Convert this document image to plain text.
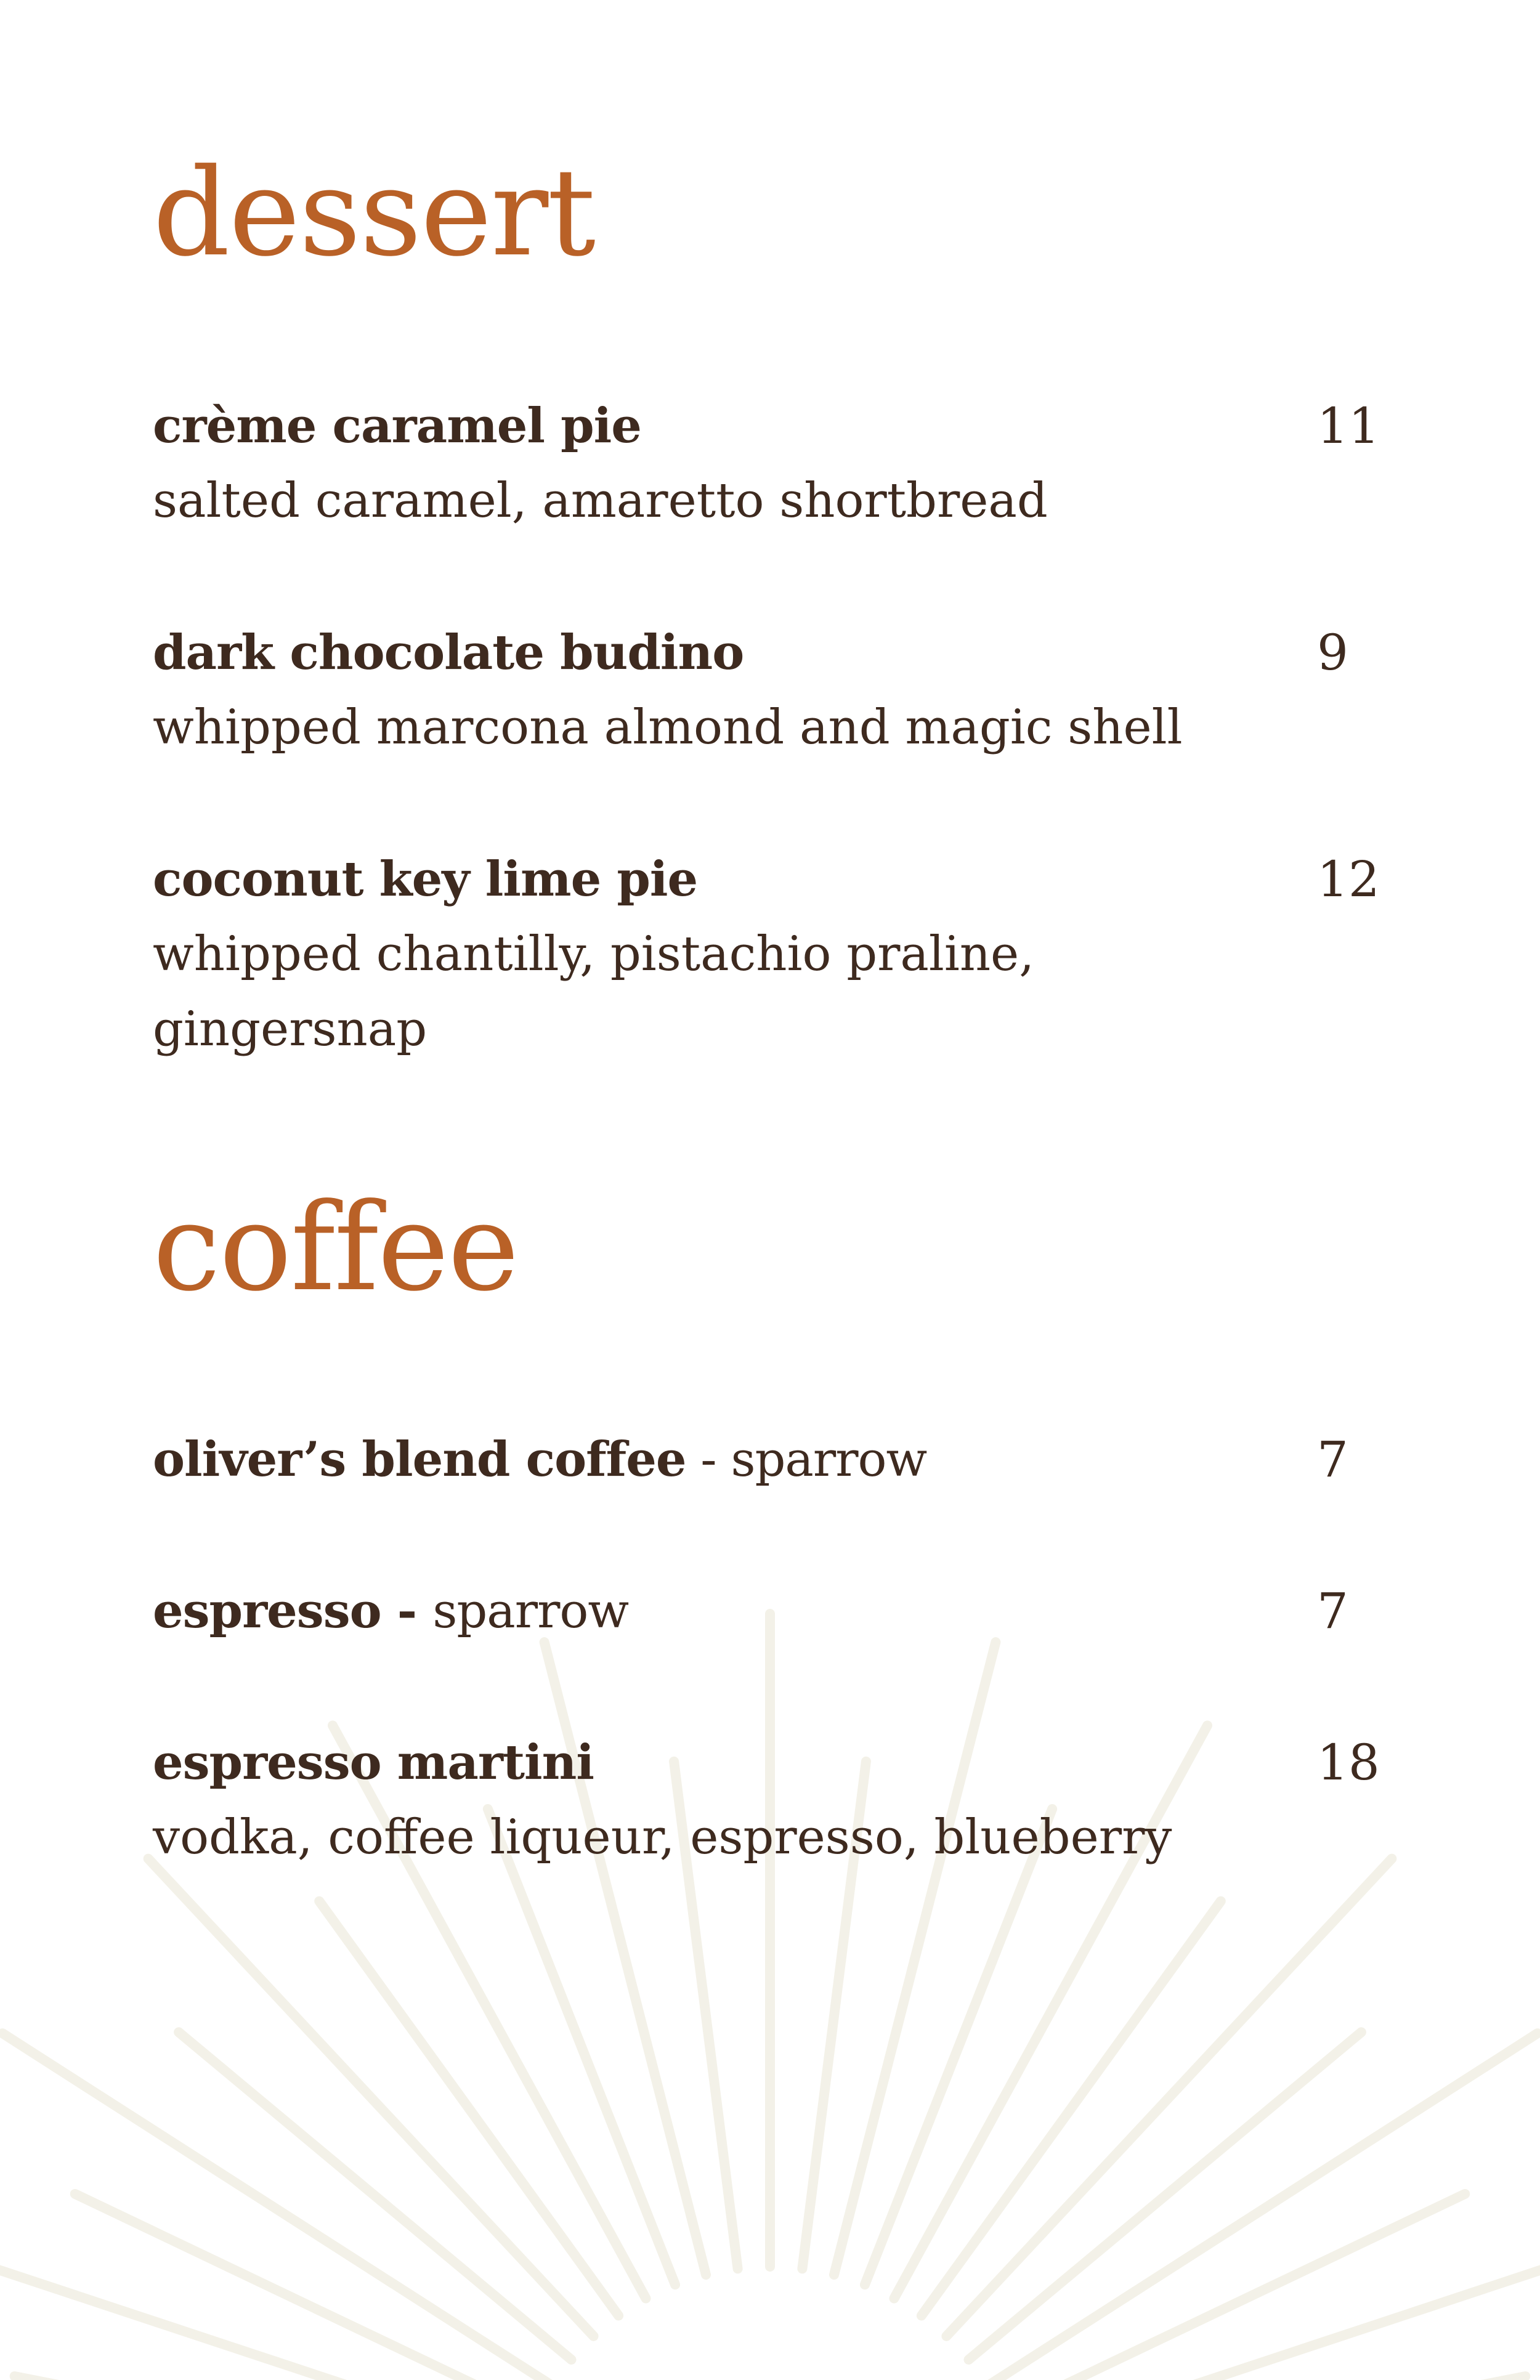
dessert
crème caramel pie
salted caramel, amaretto shortbread
11
dark chocolate budino
whipped marcona almond and magic shell
9
coconut key lime pie
whipped chantilly, pistachio praline,
gingersnap
12
coffee
oliver’s blend coffee - sparrow	7
espresso - sparrow	7
espresso martini
vodka, coffee liqueur, espresso, blueberry
18
